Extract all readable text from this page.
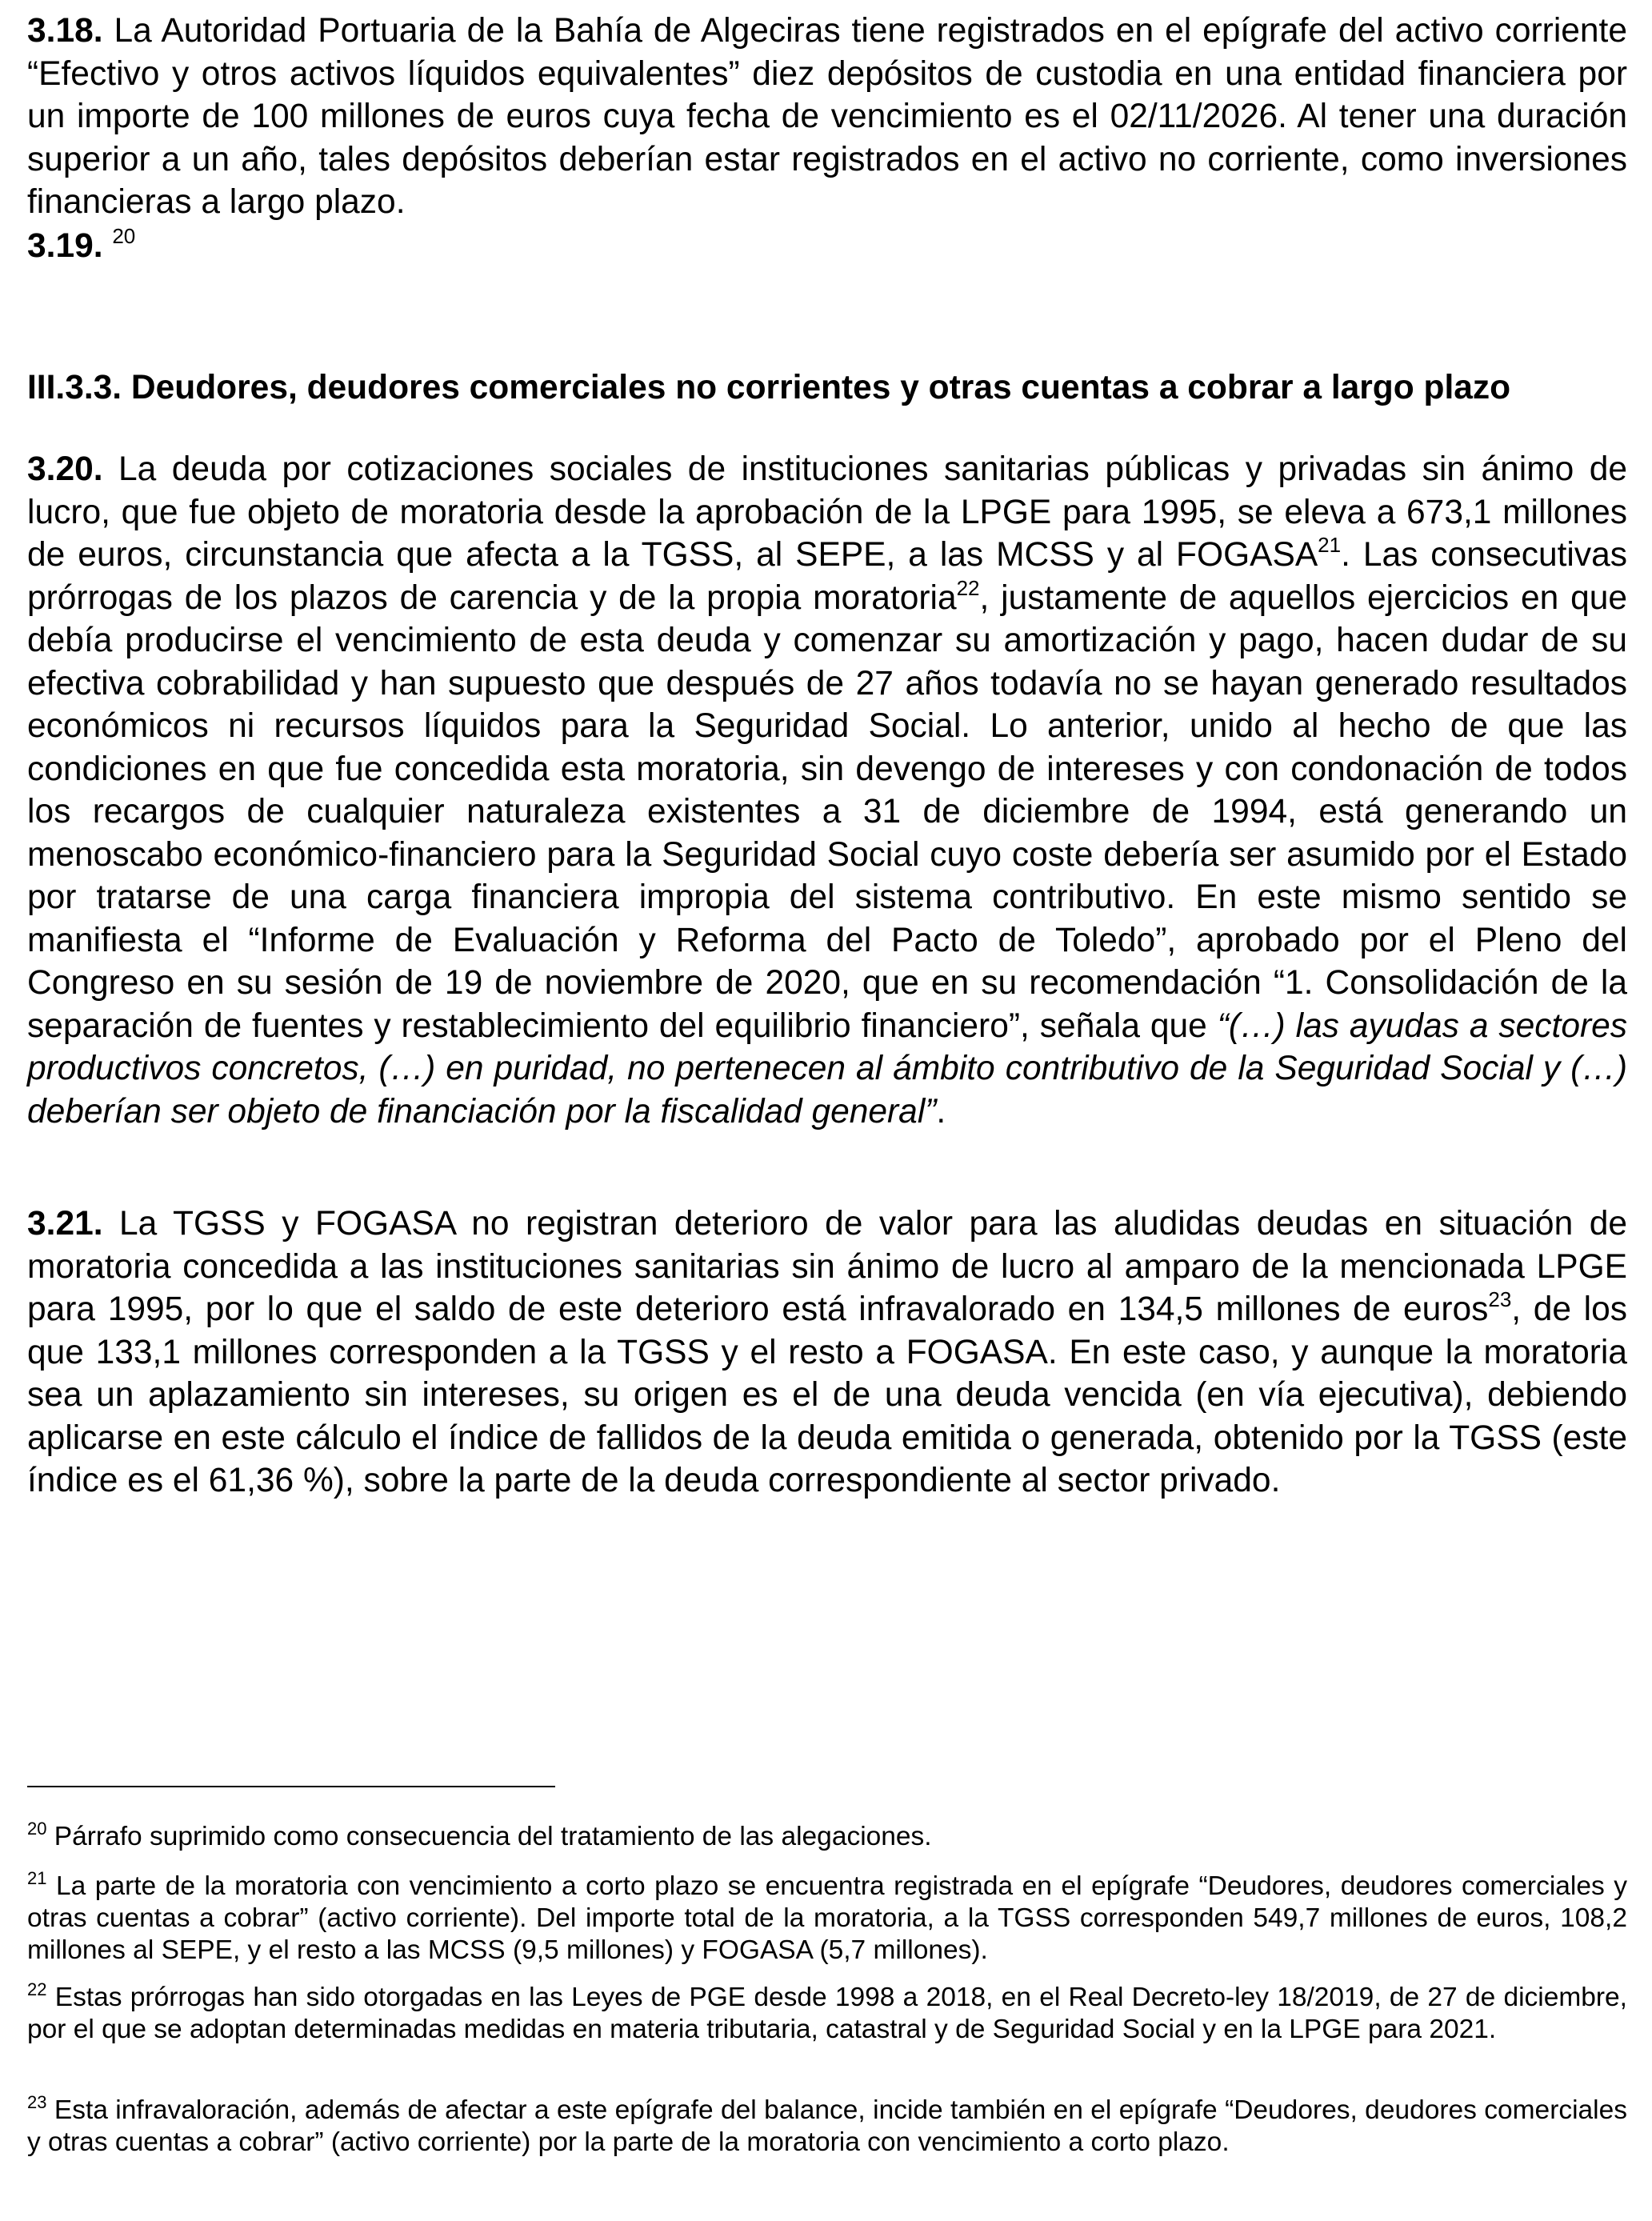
3.18. La Autoridad Portuaria de la Bahía de Algeciras tiene registrados en el epígrafe del activo corriente “Efectivo y otros activos líquidos equivalentes” diez depósitos de custodia en una entidad financiera por un importe de 100 millones de euros cuya fecha de vencimiento es el 02/11/2026. Al tener una duración superior a un año, tales depósitos deberían estar registrados en el activo no corriente, como inversiones financieras a largo plazo.

3.19. $^{20}$

III.3.3. Deudores, deudores comerciales no corrientes y otras cuentas a cobrar a largo plazo

3.20. La deuda por cotizaciones sociales de instituciones sanitarias públicas y privadas sin ánimo de lucro, que fue objeto de moratoria desde la aprobación de la LPGE para 1995, se eleva a 673,1 millones de euros, circunstancia que afecta a la TGSS, al SEPE, a las MCSS y al FOGASA$^{21}$. Las consecutivas prórrogas de los plazos de carencia y de la propia moratoria$^{22}$, justamente de aquellos ejercicios en que debía producirse el vencimiento de esta deuda y comenzar su amortización y pago, hacen dudar de su efectiva cobrabilidad y han supuesto que después de 27 años todavía no se hayan generado resultados económicos ni recursos líquidos para la Seguridad Social. Lo anterior, unido al hecho de que las condiciones en que fue concedida esta moratoria, sin devengo de intereses y con condonación de todos los recargos de cualquier naturaleza existentes a 31 de diciembre de 1994, está generando un menoscabo económico-financiero para la Seguridad Social cuyo coste debería ser asumido por el Estado por tratarse de una carga financiera impropia del sistema contributivo. En este mismo sentido se manifiesta el “Informe de Evaluación y Reforma del Pacto de Toledo”, aprobado por el Pleno del Congreso en su sesión de 19 de noviembre de 2020, que en su recomendación “1. Consolidación de la separación de fuentes y restablecimiento del equilibrio financiero”, señala que “(…) las ayudas a sectores productivos concretos, (…) en puridad, no pertenecen al ámbito contributivo de la Seguridad Social y (…) deberían ser objeto de financiación por la fiscalidad general”.

3.21. La TGSS y FOGASA no registran deterioro de valor para las aludidas deudas en situación de moratoria concedida a las instituciones sanitarias sin ánimo de lucro al amparo de la mencionada LPGE para 1995, por lo que el saldo de este deterioro está infravalorado en 134,5 millones de euros$^{23}$, de los que 133,1 millones corresponden a la TGSS y el resto a FOGASA. En este caso, y aunque la moratoria sea un aplazamiento sin intereses, su origen es el de una deuda vencida (en vía ejecutiva), debiendo aplicarse en este cálculo el índice de fallidos de la deuda emitida o generada, obtenido por la TGSS (este índice es el 61,36 %), sobre la parte de la deuda correspondiente al sector privado.

$^{20}$ Párrafo suprimido como consecuencia del tratamiento de las alegaciones.

$^{21}$ La parte de la moratoria con vencimiento a corto plazo se encuentra registrada en el epígrafe “Deudores, deudores comerciales y otras cuentas a cobrar” (activo corriente). Del importe total de la moratoria, a la TGSS corresponden 549,7 millones de euros, 108,2 millones al SEPE, y el resto a las MCSS (9,5 millones) y FOGASA (5,7 millones).

$^{22}$ Estas prórrogas han sido otorgadas en las Leyes de PGE desde 1998 a 2018, en el Real Decreto-ley 18/2019, de 27 de diciembre, por el que se adoptan determinadas medidas en materia tributaria, catastral y de Seguridad Social y en la LPGE para 2021.

$^{23}$ Esta infravaloración, además de afectar a este epígrafe del balance, incide también en el epígrafe “Deudores, deudores comerciales y otras cuentas a cobrar” (activo corriente) por la parte de la moratoria con vencimiento a corto plazo.
